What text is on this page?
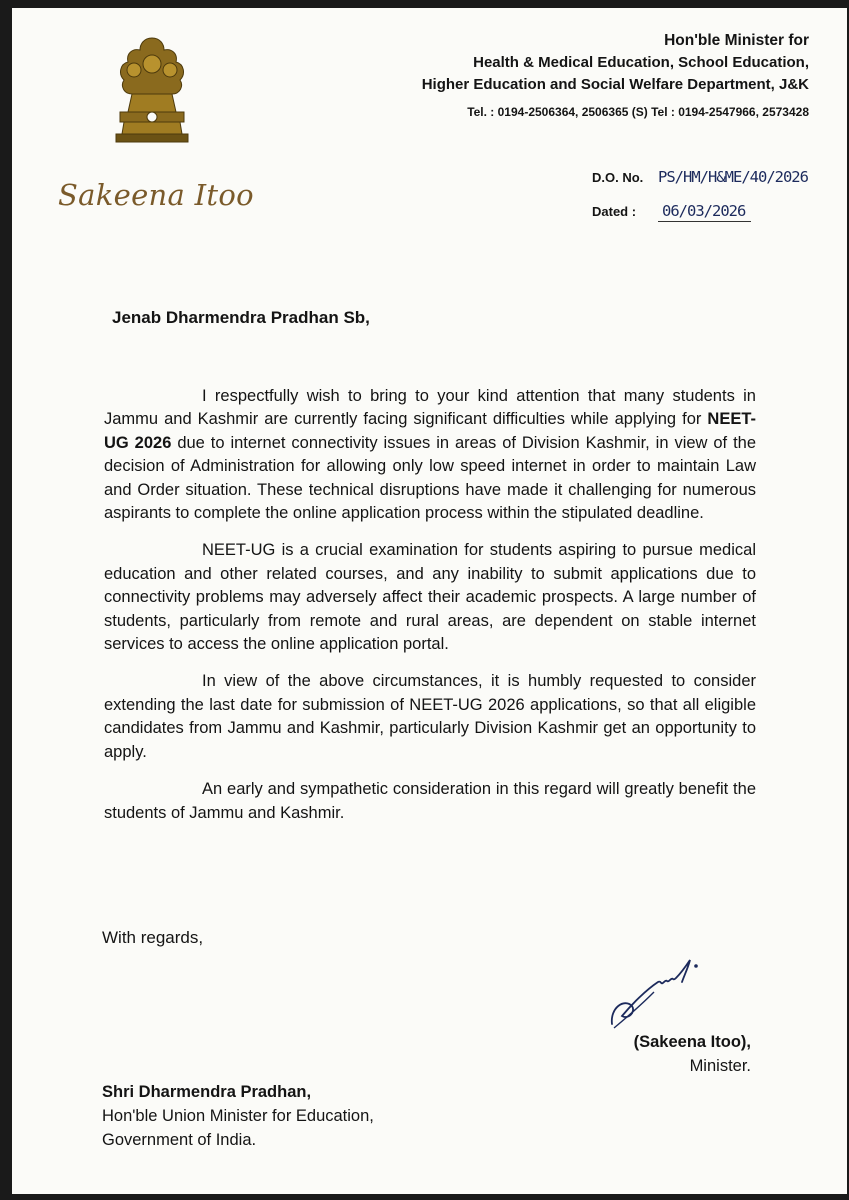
Sakeena Itoo
Hon'ble Minister for
Health & Medical Education, School Education,
Higher Education and Social Welfare Department, J&K
Tel. : 0194-2506364, 2506365 (S) Tel : 0194-2547966, 2573428
D.O. No. PS/HM/H&ME/40/2026
Dated : 06/03/2026
Jenab Dharmendra Pradhan Sb,

I respectfully wish to bring to your kind attention that many students in Jammu and Kashmir are currently facing significant difficulties while applying for NEET-UG 2026 due to internet connectivity issues in areas of Division Kashmir, in view of the decision of Administration for allowing only low speed internet in order to maintain Law and Order situation. These technical disruptions have made it challenging for numerous aspirants to complete the online application process within the stipulated deadline.

NEET-UG is a crucial examination for students aspiring to pursue medical education and other related courses, and any inability to submit applications due to connectivity problems may adversely affect their academic prospects. A large number of students, particularly from remote and rural areas, are dependent on stable internet services to access the online application portal.

In view of the above circumstances, it is humbly requested to consider extending the last date for submission of NEET-UG 2026 applications, so that all eligible candidates from Jammu and Kashmir, particularly Division Kashmir get an opportunity to apply.

An early and sympathetic consideration in this regard will greatly benefit the students of Jammu and Kashmir.

With regards,
(Sakeena Itoo),
Minister.
Shri Dharmendra Pradhan,
Hon'ble Union Minister for Education,
Government of India.
